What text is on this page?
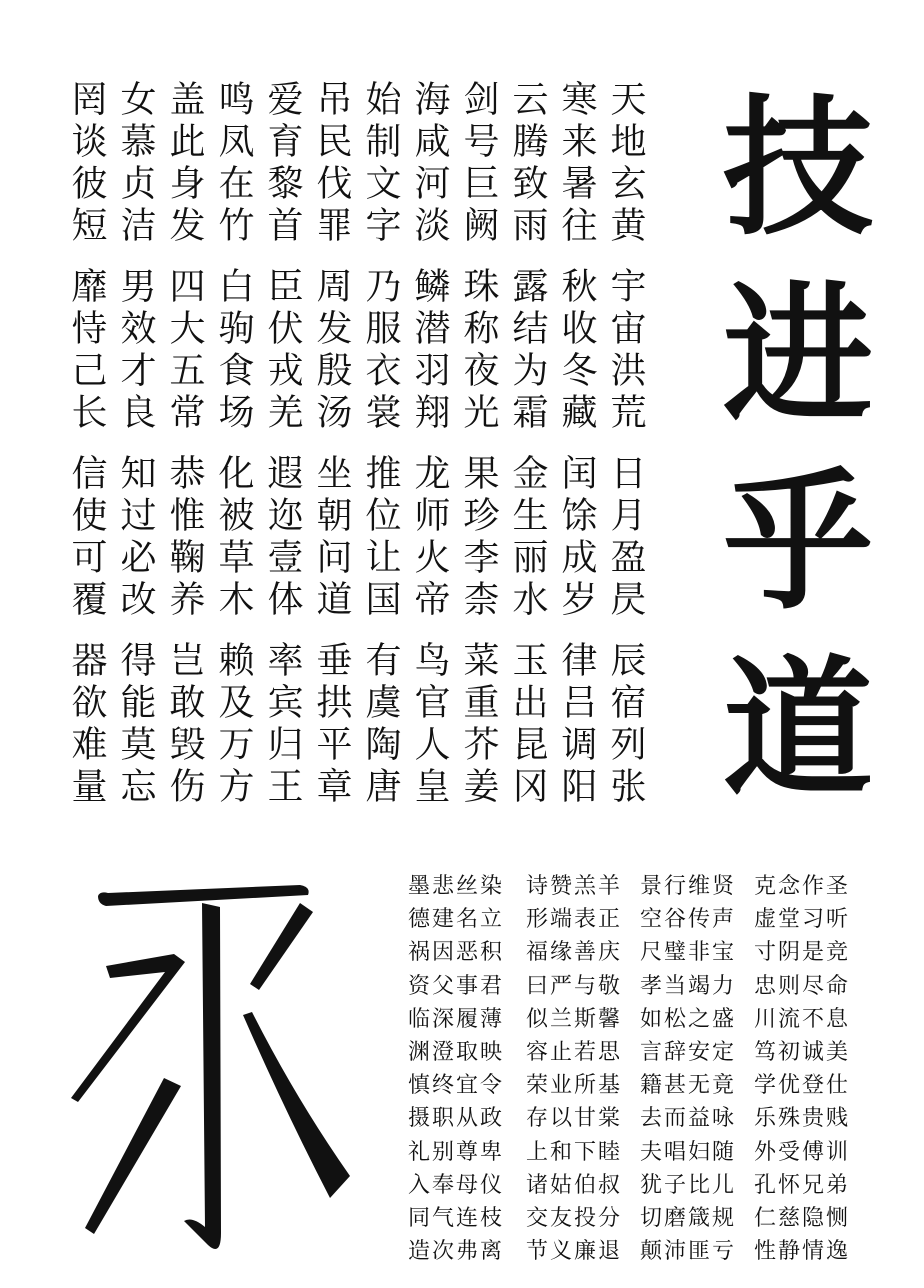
天地玄黄
宇宙洪荒
日月盈昃
辰宿列张
寒来暑往
秋收冬藏
闰馀成岁
律吕调阳
云腾致雨
露结为霜
金生丽水
玉出昆冈
剑号巨阙
珠称夜光
果珍李柰
菜重芥姜
海咸河淡
鳞潜羽翔
龙师火帝
鸟官人皇
始制文字
乃服衣裳
推位让国
有虞陶唐
吊民伐罪
周发殷汤
坐朝问道
垂拱平章
爱育黎首
臣伏戎羌
遐迩壹体
率宾归王
鸣凤在竹
白驹食场
化被草木
赖及万方
盖此身发
四大五常
恭惟鞠养
岂敢毁伤
女慕贞洁
男效才良
知过必改
得能莫忘
罔谈彼短
靡恃己长
信使可覆
器欲难量	技进乎道
墨悲丝染 诗赞羔羊 景行维贤 克念作圣
德建名立 形端表正 空谷传声 虚堂习听
祸因恶积 福缘善庆 尺璧非宝 寸阴是竞
资父事君 曰严与敬 孝当竭力 忠则尽命
临深履薄 似兰斯馨 如松之盛 川流不息
渊澄取映 容止若思 言辞安定 笃初诚美
慎终宜令 荣业所基 籍甚无竟 学优登仕
摄职从政 存以甘棠 去而益咏 乐殊贵贱
礼别尊卑 上和下睦 夫唱妇随 外受傅训
入奉母仪 诸姑伯叔 犹子比儿 孔怀兄弟
同气连枝 交友投分 切磨箴规 仁慈隐恻
造次弗离 节义廉退 颠沛匪亏 性静情逸
